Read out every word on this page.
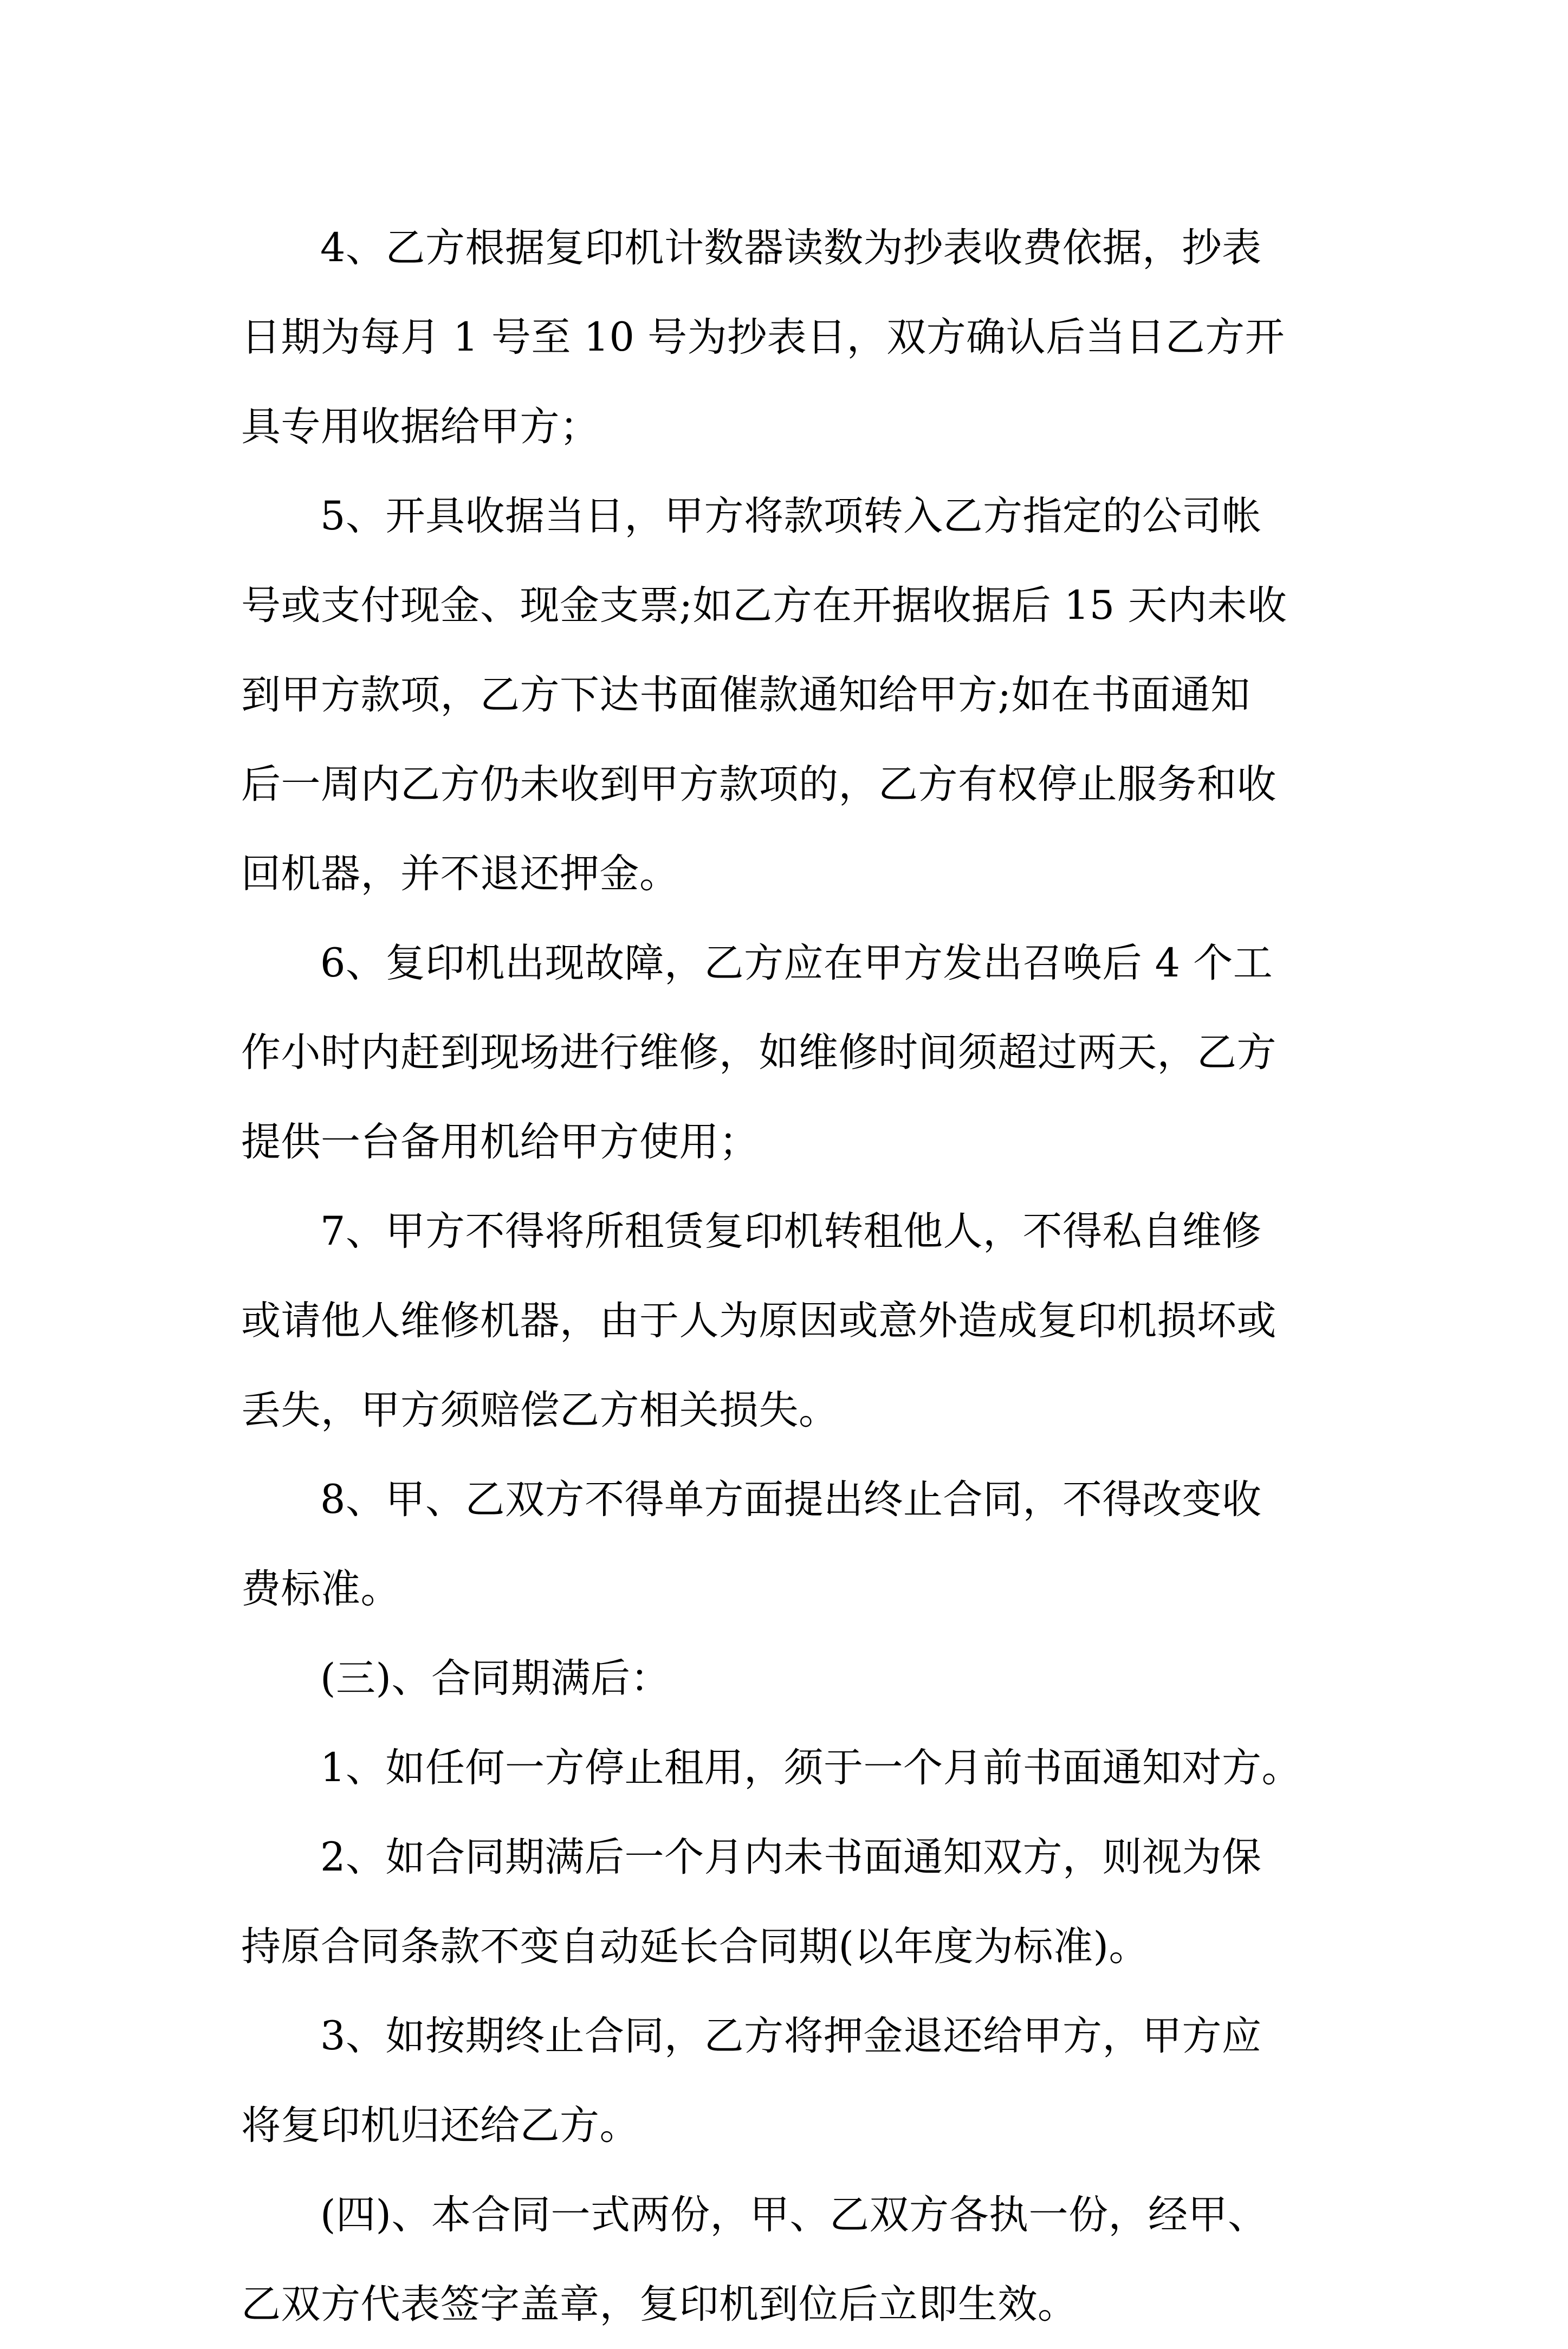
4、乙方根据复印机计数器读数为抄表收费依据，抄表
日期为每月 1 号至 10 号为抄表日，双方确认后当日乙方开
具专用收据给甲方；

5、开具收据当日，甲方将款项转入乙方指定的公司帐
号或支付现金、现金支票;如乙方在开据收据后 15 天内未收
到甲方款项，乙方下达书面催款通知给甲方;如在书面通知
后一周内乙方仍未收到甲方款项的，乙方有权停止服务和收
回机器，并不退还押金。

6、复印机出现故障，乙方应在甲方发出召唤后 4 个工
作小时内赶到现场进行维修，如维修时间须超过两天，乙方
提供一台备用机给甲方使用；

7、甲方不得将所租赁复印机转租他人，不得私自维修
或请他人维修机器，由于人为原因或意外造成复印机损坏或
丢失，甲方须赔偿乙方相关损失。

8、甲、乙双方不得单方面提出终止合同，不得改变收
费标准。

(三)、合同期满后：

1、如任何一方停止租用，须于一个月前书面通知对方。

2、如合同期满后一个月内未书面通知双方，则视为保
持原合同条款不变自动延长合同期(以年度为标准)。

3、如按期终止合同，乙方将押金退还给甲方，甲方应
将复印机归还给乙方。

(四)、本合同一式两份，甲、乙双方各执一份，经甲、
乙双方代表签字盖章，复印机到位后立即生效。
